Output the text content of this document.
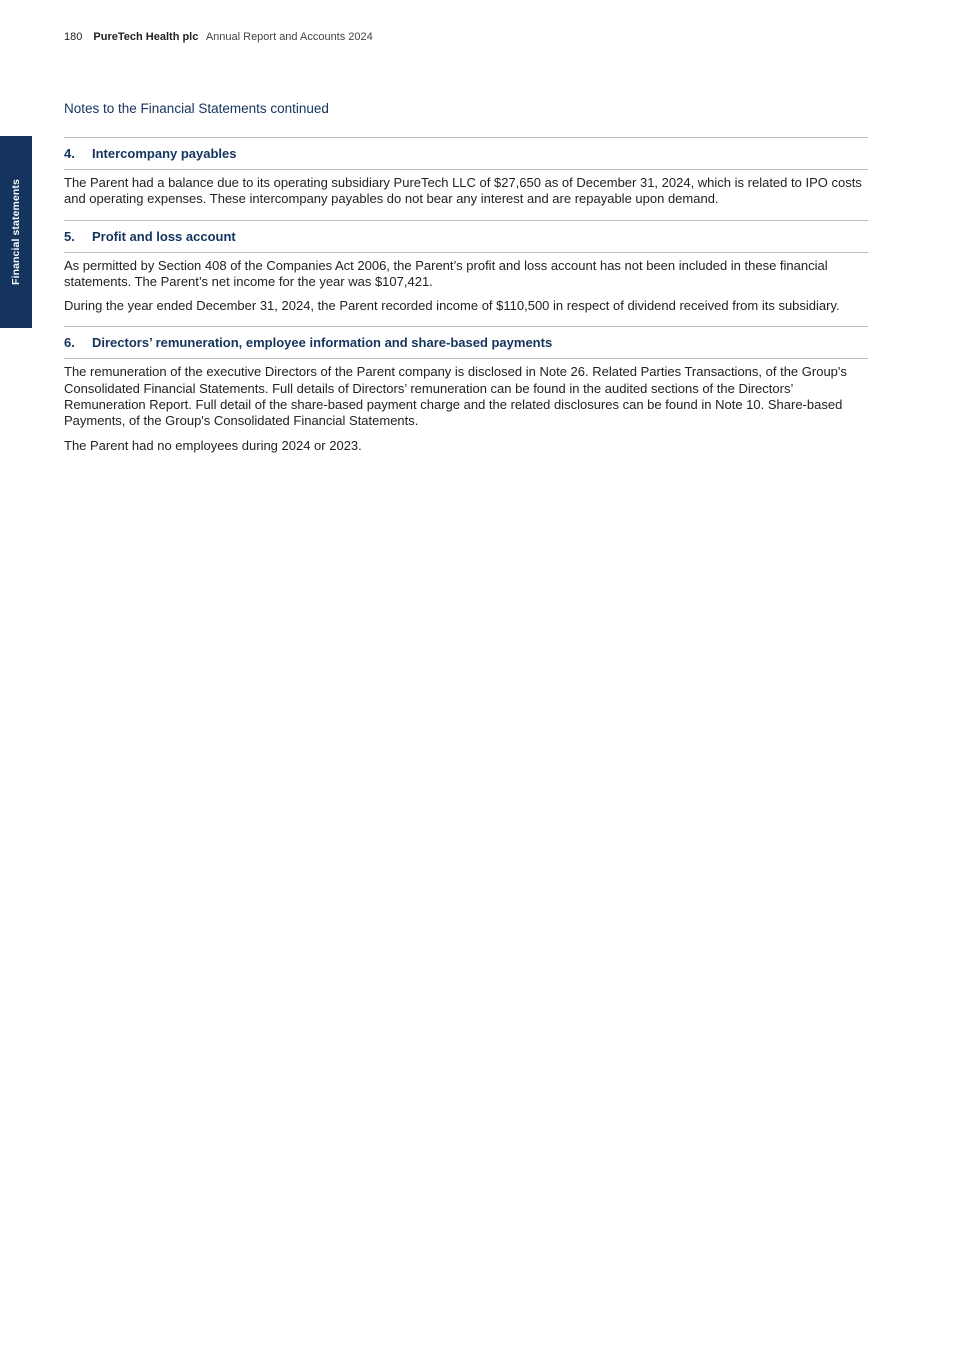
180 PureTech Health plc Annual Report and Accounts 2024
Financial statements
Notes to the Financial Statements continued
4.	Intercompany payables

The Parent had a balance due to its operating subsidiary PureTech LLC of $27,650 as of December 31, 2024, which is related to IPO costs and operating expenses. These intercompany payables do not bear any interest and are repayable upon demand.

5.	Profit and loss account

As permitted by Section 408 of the Companies Act 2006, the Parent’s profit and loss account has not been included in these financial statements. The Parent’s net income for the year was $107,421.

During the year ended December 31, 2024, the Parent recorded income of $110,500 in respect of dividend received from its subsidiary.

6.	Directors’ remuneration, employee information and share-based payments

The remuneration of the executive Directors of the Parent company is disclosed in Note 26. Related Parties Transactions, of the Group's Consolidated Financial Statements. Full details of Directors’ remuneration can be found in the audited sections of the Directors’ Remuneration Report. Full detail of the share-based payment charge and the related disclosures can be found in Note 10. Share-based Payments, of the Group's Consolidated Financial Statements.

The Parent had no employees during 2024 or 2023.
